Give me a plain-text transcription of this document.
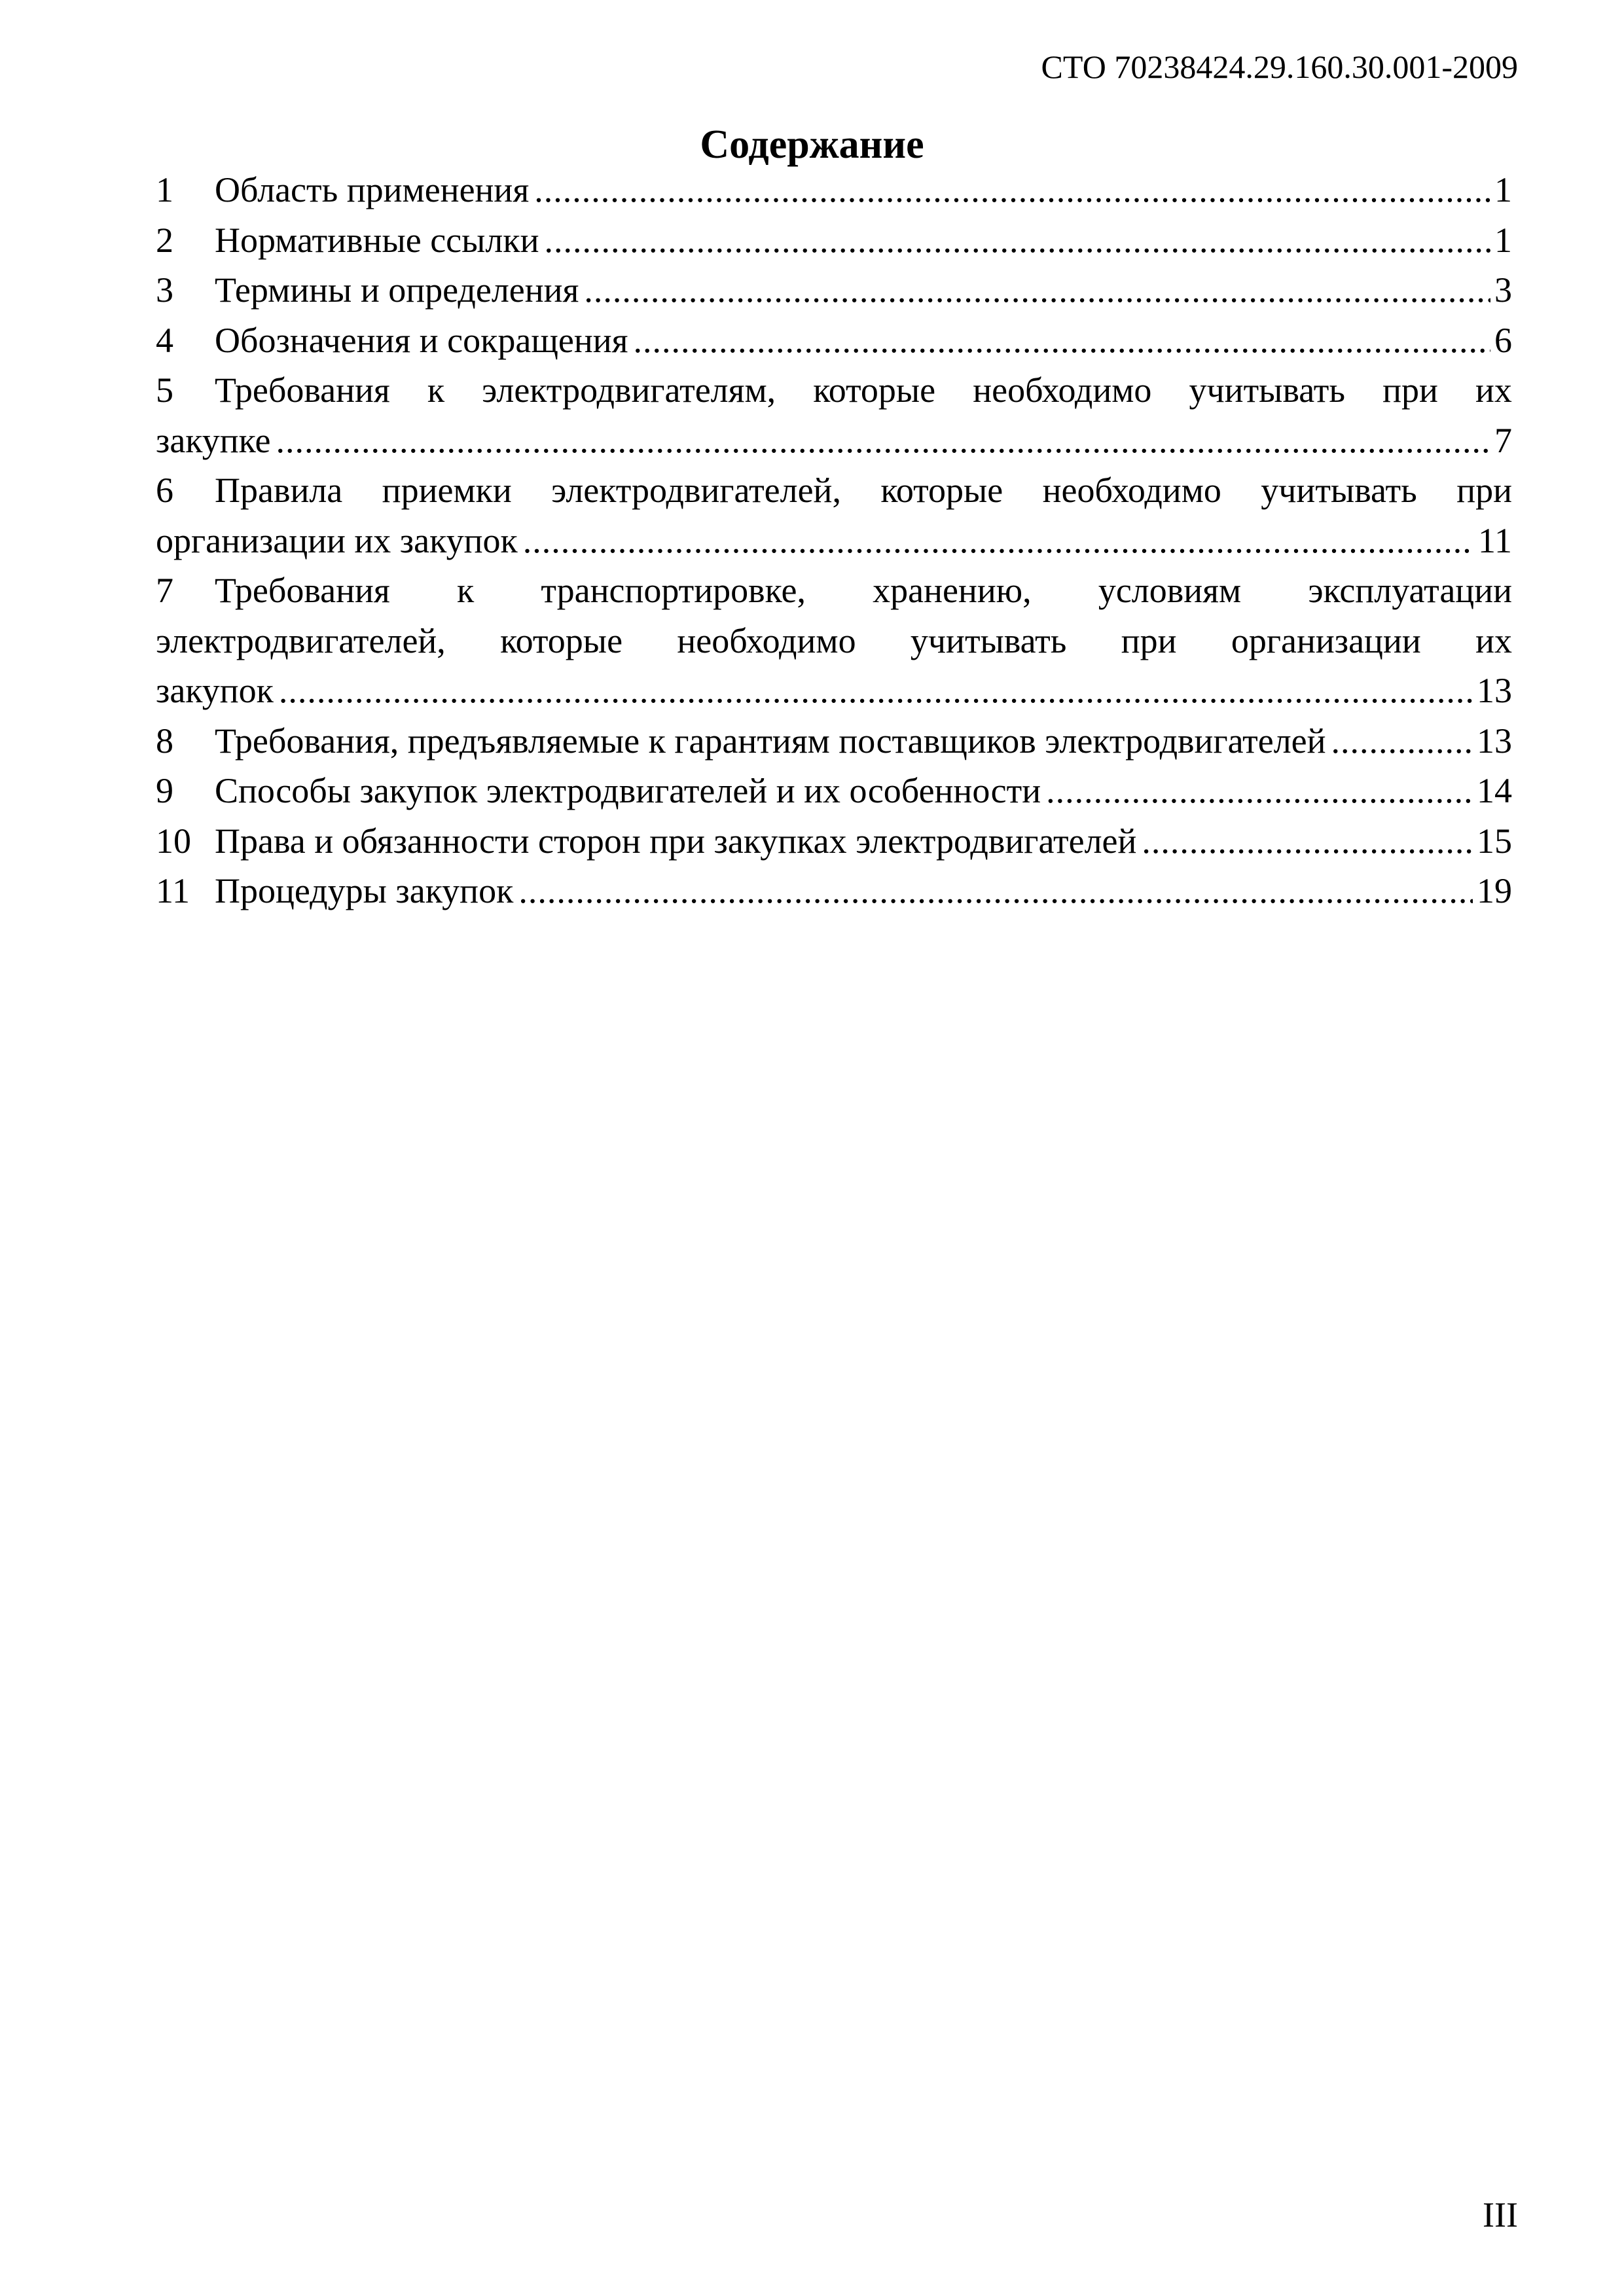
СТО 70238424.29.160.30.001-2009
Содержание
1	Область применения .....	1
2	Нормативные ссылки .....	1
3	Термины и определения .....	3
4	Обозначения и сокращения .....	6
5	Требования к электродвигателям, которые необходимо учитывать при их
закупке .....	7
6	Правила приемки электродвигателей, которые необходимо учитывать при
организации их закупок .....	11
7	Требования к транспортировке, хранению, условиям эксплуатации
электродвигателей, которые необходимо учитывать при организации их
закупок .....	13
8	Требования, предъявляемые к гарантиям поставщиков электродвигателей .....	13
9	Способы закупок электродвигателей и их особенности .....	14
10 Права и обязанности сторон при закупках электродвигателей .....	15
11 Процедуры закупок .....	19
III
